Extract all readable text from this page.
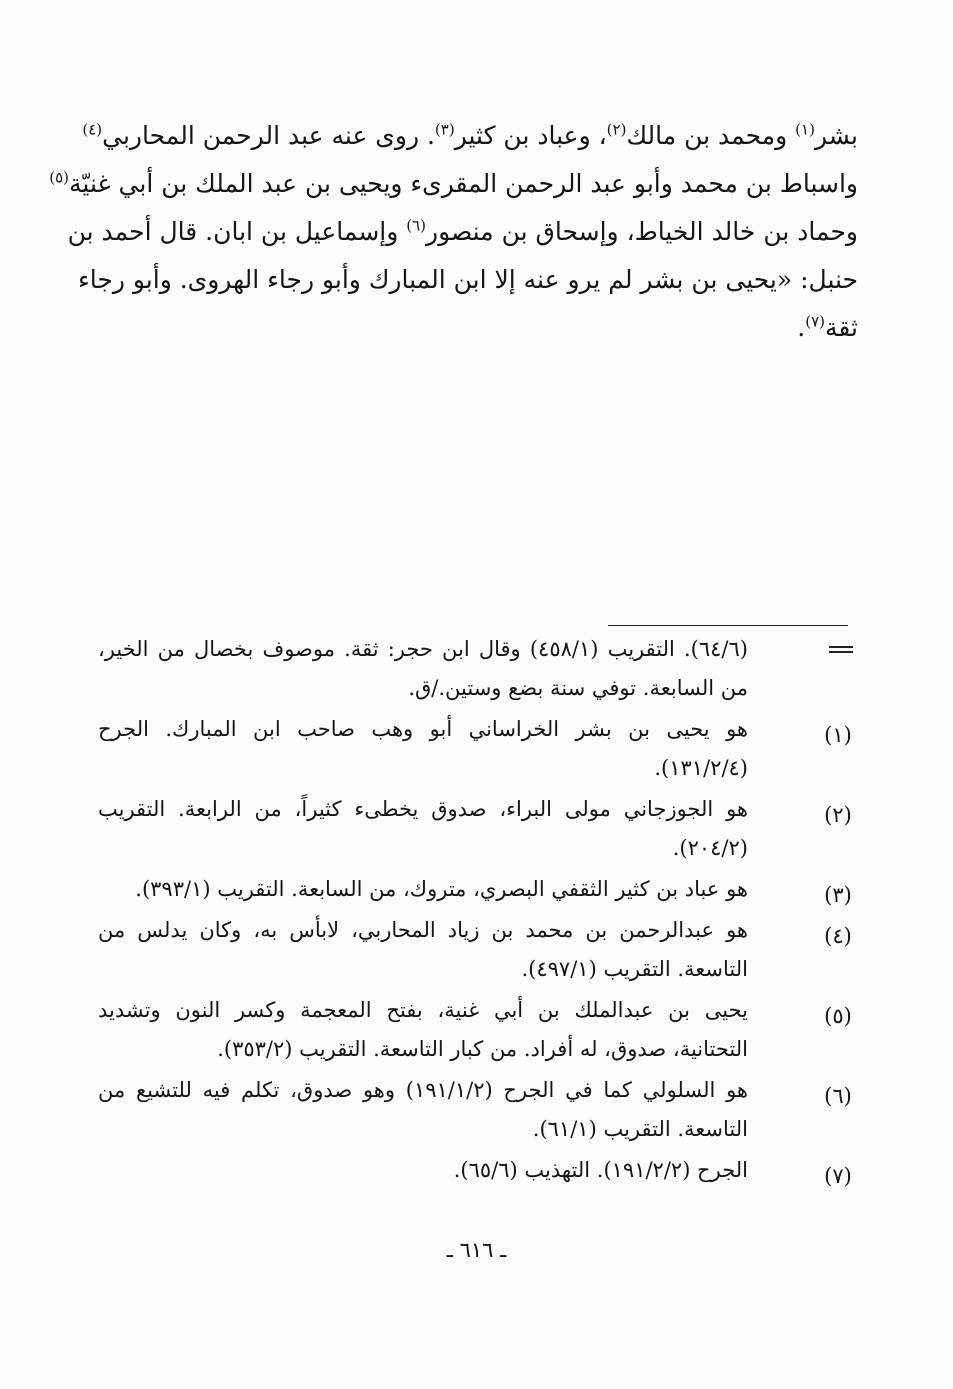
بشر$^{(١)}$ ومحمد بن مالك$^{(٢)}$، وعباد بن كثير$^{(٣)}$. روى عنه عبد الرحمن المحاربي$^{(٤)}$
واسباط بن محمد وأبو عبد الرحمن المقرىء ويحيى بن عبد الملك بن أبي غنيّة$^{(٥)}$
وحماد بن خالد الخياط، وإسحاق بن منصور$^{(٦)}$ وإسماعيل بن ابان. قال أحمد بن
حنبل: «يحيى بن بشر لم يرو عنه إلا ابن المبارك وأبو رجاء الهروى. وأبو رجاء
ثقة$^{(٧)}$.
(٦٤/٦). التقريب (٤٥٨/١) وقال ابن حجر: ثقة. موصوف بخصال من الخير، من السابعة. توفي سنة بضع وستين./ق.
(١)
هو يحيى بن بشر الخراساني أبو وهب صاحب ابن المبارك. الجرح (١٣١/٢/٤).
(٢)
هو الجوزجاني مولى البراء، صدوق يخطىء كثيراً، من الرابعة. التقريب (٢٠٤/٢).
(٣)
هو عباد بن كثير الثقفي البصري، متروك، من السابعة. التقريب (٣٩٣/١).
(٤)
هو عبدالرحمن بن محمد بن زياد المحاربي، لابأس به، وكان يدلس من التاسعة. التقريب (٤٩٧/١).
(٥)
يحيى بن عبدالملك بن أبي غنية، بفتح المعجمة وكسر النون وتشديد التحتانية، صدوق، له أفراد. من كبار التاسعة. التقريب (٣٥٣/٢).
(٦)
هو السلولي كما في الجرح (١٩١/١/٢) وهو صدوق، تكلم فيه للتشيع من التاسعة. التقريب (٦١/١).
(٧)
الجرح (١٩١/٢/٢). التهذيب (٦٥/٦).
ـ ٦١٦ ـ
